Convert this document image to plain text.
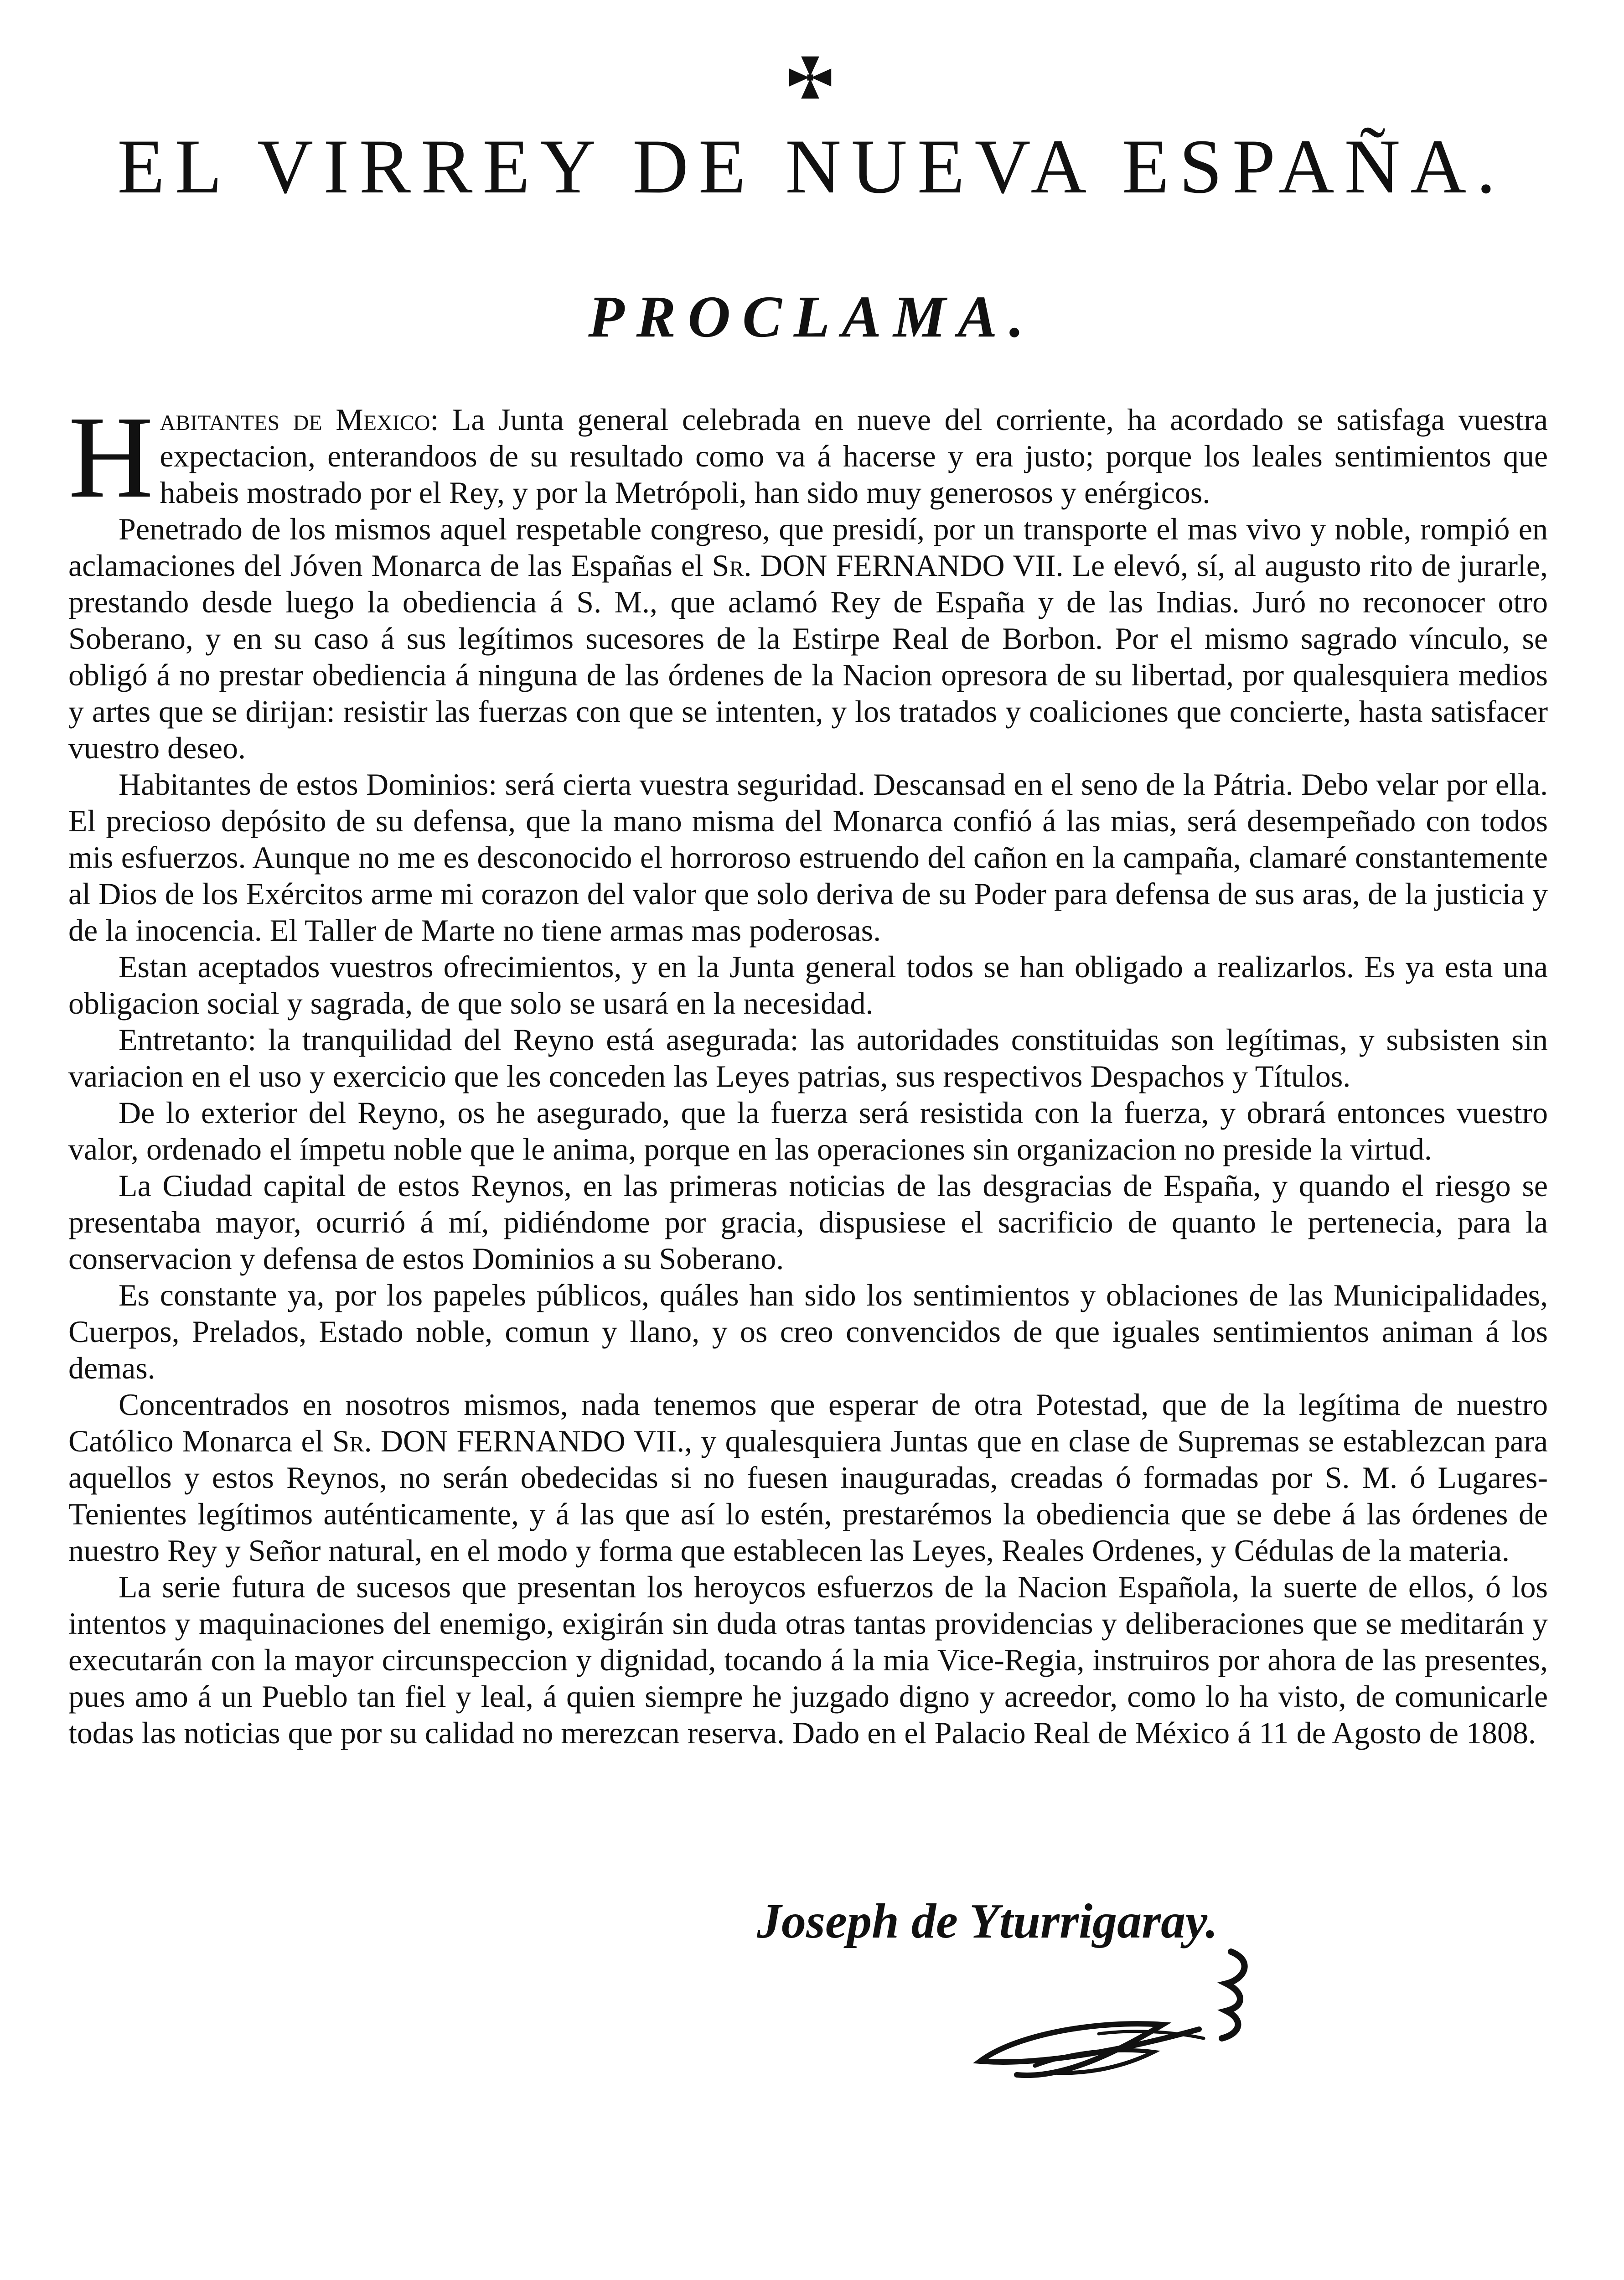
EL VIRREY DE NUEVA ESPAÑA.
PROCLAMA.

Habitantes de Mexico: La Junta general celebrada en nueve del corriente, ha acordado se satisfaga vuestra expectacion, enterandoos de su resultado como va á hacerse y era justo; porque los leales sentimientos que habeis mostrado por el Rey, y por la Metrópoli, han sido muy generosos y enérgicos.

Penetrado de los mismos aquel respetable congreso, que presidí, por un transporte el mas vivo y noble, rompió en aclamaciones del Jóven Monarca de las Españas el Sr. DON FERNANDO VII. Le elevó, sí, al augusto rito de jurarle, prestando desde luego la obediencia á S. M., que aclamó Rey de España y de las Indias. Juró no reconocer otro Soberano, y en su caso á sus legítimos sucesores de la Estirpe Real de Borbon. Por el mismo sagrado vínculo, se obligó á no prestar obediencia á ninguna de las órdenes de la Nacion opresora de su libertad, por qualesquiera medios y artes que se dirijan: resistir las fuerzas con que se intenten, y los tratados y coaliciones que concierte, hasta satisfacer vuestro deseo.

Habitantes de estos Dominios: será cierta vuestra seguridad. Descansad en el seno de la Pátria. Debo velar por ella. El precioso depósito de su defensa, que la mano misma del Monarca confió á las mias, será desempeñado con todos mis esfuerzos. Aunque no me es desconocido el horroroso estruendo del cañon en la campaña, clamaré constantemente al Dios de los Exércitos arme mi corazon del valor que solo deriva de su Poder para defensa de sus aras, de la justicia y de la inocencia. El Taller de Marte no tiene armas mas poderosas.

Estan aceptados vuestros ofrecimientos, y en la Junta general todos se han obligado a realizarlos. Es ya esta una obligacion social y sagrada, de que solo se usará en la necesidad.

Entretanto: la tranquilidad del Reyno está asegurada: las autoridades constituidas son legítimas, y subsisten sin variacion en el uso y exercicio que les conceden las Leyes patrias, sus respectivos Despachos y Títulos.

De lo exterior del Reyno, os he asegurado, que la fuerza será resistida con la fuerza, y obrará entonces vuestro valor, ordenado el ímpetu noble que le anima, porque en las operaciones sin organizacion no preside la virtud.

La Ciudad capital de estos Reynos, en las primeras noticias de las desgracias de España, y quando el riesgo se presentaba mayor, ocurrió á mí, pidiéndome por gracia, dispusiese el sacrificio de quanto le pertenecia, para la conservacion y defensa de estos Dominios a su Soberano.

Es constante ya, por los papeles públicos, quáles han sido los sentimientos y oblaciones de las Municipalidades, Cuerpos, Prelados, Estado noble, comun y llano, y os creo convencidos de que iguales sentimientos animan á los demas.

Concentrados en nosotros mismos, nada tenemos que esperar de otra Potestad, que de la legítima de nuestro Católico Monarca el Sr. DON FERNANDO VII., y qualesquiera Juntas que en clase de Supremas se establezcan para aquellos y estos Reynos, no serán obedecidas si no fuesen inauguradas, creadas ó formadas por S. M. ó Lugares-Tenientes legítimos auténticamente, y á las que así lo estén, prestarémos la obediencia que se debe á las órdenes de nuestro Rey y Señor natural, en el modo y forma que establecen las Leyes, Reales Ordenes, y Cédulas de la materia.

La serie futura de sucesos que presentan los heroycos esfuerzos de la Nacion Española, la suerte de ellos, ó los intentos y maquinaciones del enemigo, exigirán sin duda otras tantas providencias y deliberaciones que se meditarán y executarán con la mayor circunspeccion y dignidad, tocando á la mia Vice-Regia, instruiros por ahora de las presentes, pues amo á un Pueblo tan fiel y leal, á quien siempre he juzgado digno y acreedor, como lo ha visto, de comunicarle todas las noticias que por su calidad no merezcan reserva. Dado en el Palacio Real de México á 11 de Agosto de 1808.

Joseph de Yturrigaray.
